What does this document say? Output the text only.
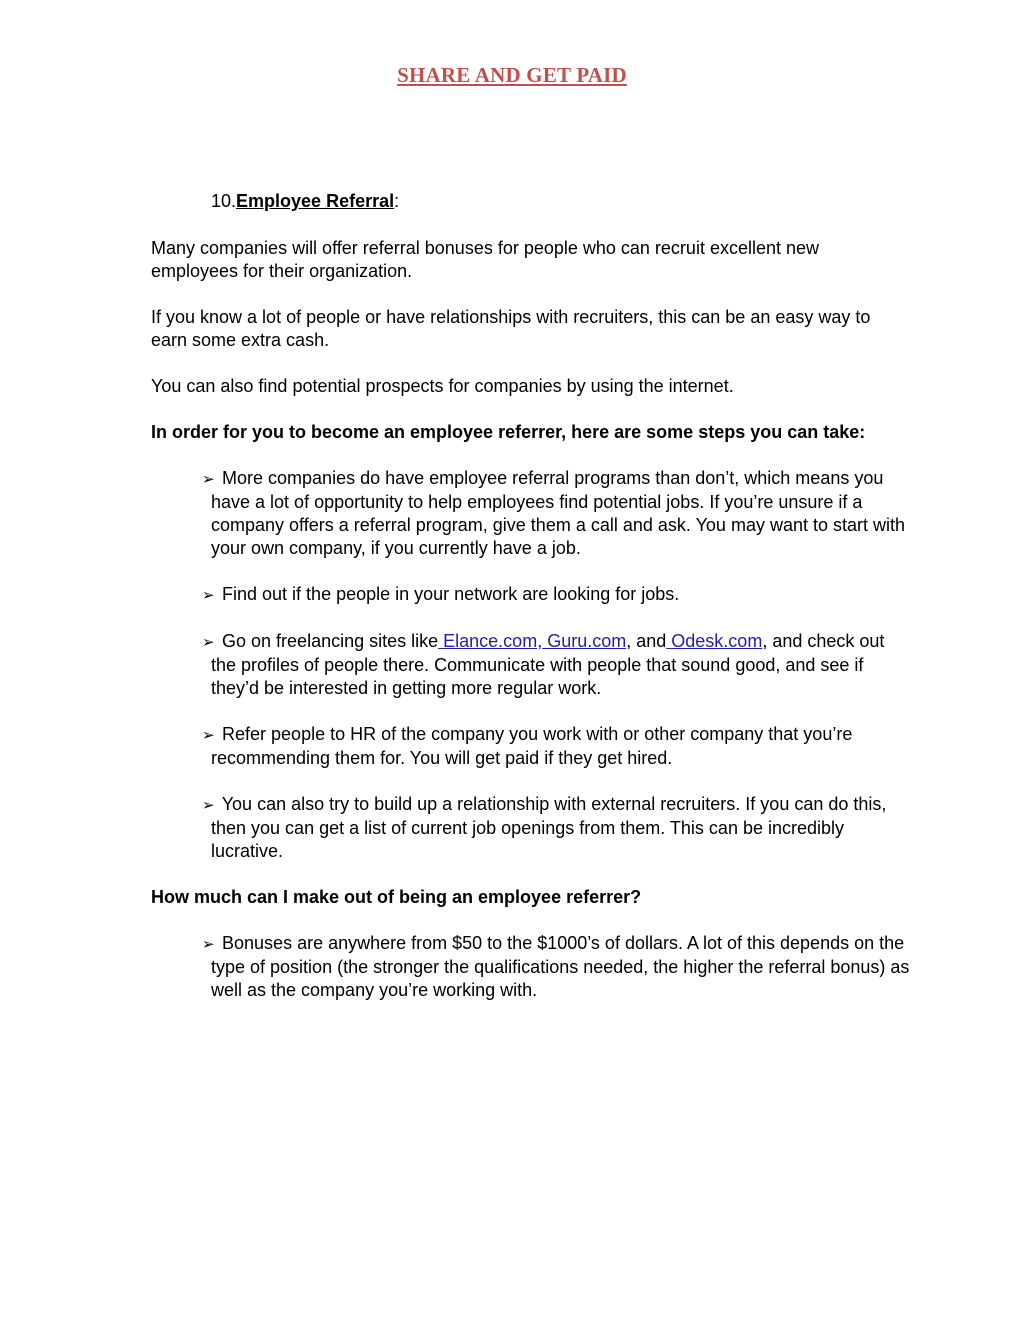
SHARE AND GET PAID
10.Employee Referral:

Many companies will offer referral bonuses for people who can recruit excellent new employees for their organization.

If you know a lot of people or have relationships with recruiters, this can be an easy way to earn some extra cash.

You can also find potential prospects for companies by using the internet.

In order for you to become an employee referrer, here are some steps you can take:

➢ More companies do have employee referral programs than don’t, which means you have a lot of opportunity to help employees find potential jobs. If you’re unsure if a company offers a referral program, give them a call and ask. You may want to start with your own company, if you currently have a job.
➢ Find out if the people in your network are looking for jobs.
➢ Go on freelancing sites like Elance.com, Guru.com, and Odesk.com, and check out the profiles of people there. Communicate with people that sound good, and see if they’d be interested in getting more regular work.
➢ Refer people to HR of the company you work with or other company that you’re recommending them for. You will get paid if they get hired.
➢ You can also try to build up a relationship with external recruiters. If you can do this, then you can get a list of current job openings from them. This can be incredibly lucrative.

How much can I make out of being an employee referrer?

➢ Bonuses are anywhere from $50 to the $1000’s of dollars. A lot of this depends on the type of position (the stronger the qualifications needed, the higher the referral bonus) as well as the company you’re working with.
